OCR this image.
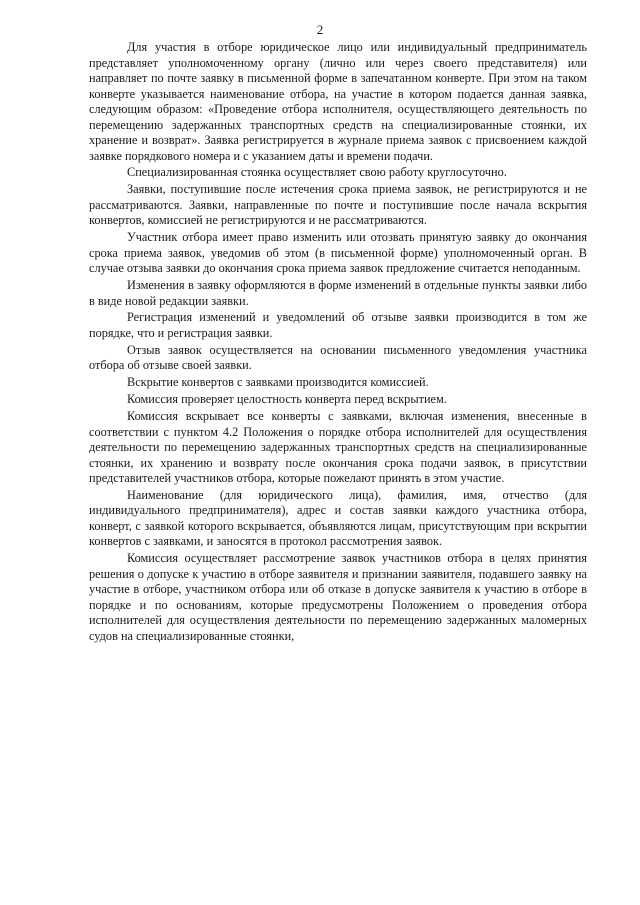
2

Для участия в отборе юридическое лицо или индивидуальный предприниматель представляет уполномоченному органу (лично или через своего представителя) или направляет по почте заявку в письменной форме в запечатанном конверте. При этом на таком конверте указывается наименование отбора, на участие в котором подается данная заявка, следующим образом: «Проведение отбора исполнителя, осуществляющего деятельность по перемещению задержанных транспортных средств на специализированные стоянки, их хранение и возврат». Заявка регистрируется в журнале приема заявок с присвоением каждой заявке порядкового номера и с указанием даты и времени подачи.

Специализированная стоянка осуществляет свою работу круглосуточно.

Заявки, поступившие после истечения срока приема заявок, не регистрируются и не рассматриваются. Заявки, направленные по почте и поступившие после начала вскрытия конвертов, комиссией не регистрируются и не рассматриваются.

Участник отбора имеет право изменить или отозвать принятую заявку до окончания срока приема заявок, уведомив об этом (в письменной форме) уполномоченный орган. В случае отзыва заявки до окончания срока приема заявок предложение считается неподанным.

Изменения в заявку оформляются в форме изменений в отдельные пункты заявки либо в виде новой редакции заявки.

Регистрация изменений и уведомлений об отзыве заявки производится в том же порядке, что и регистрация заявки.

Отзыв заявок осуществляется на основании письменного уведомления участника отбора об отзыве своей заявки.

Вскрытие конвертов с заявками производится комиссией.

Комиссия проверяет целостность конверта перед вскрытием.

Комиссия вскрывает все конверты с заявками, включая изменения, внесенные в соответствии с пунктом 4.2 Положения о порядке отбора исполнителей для осуществления деятельности по перемещению задержанных транспортных средств на специализированные стоянки, их хранению и возврату после окончания срока подачи заявок, в присутствии представителей участников отбора, которые пожелают принять в этом участие.

Наименование (для юридического лица), фамилия, имя, отчество (для индивидуального предпринимателя), адрес и состав заявки каждого участника отбора, конверт, с заявкой которого вскрывается, объявляются лицам, присутствующим при вскрытии конвертов с заявками, и заносятся в протокол рассмотрения заявок.

Комиссия осуществляет рассмотрение заявок участников отбора в целях принятия решения о допуске к участию в отборе заявителя и признании заявителя, подавшего заявку на участие в отборе, участником отбора или об отказе в допуске заявителя к участию в отборе в порядке и по основаниям, которые предусмотрены Положением о проведения отбора исполнителей для осуществления деятельности по перемещению задержанных маломерных судов на специализированные стоянки,
